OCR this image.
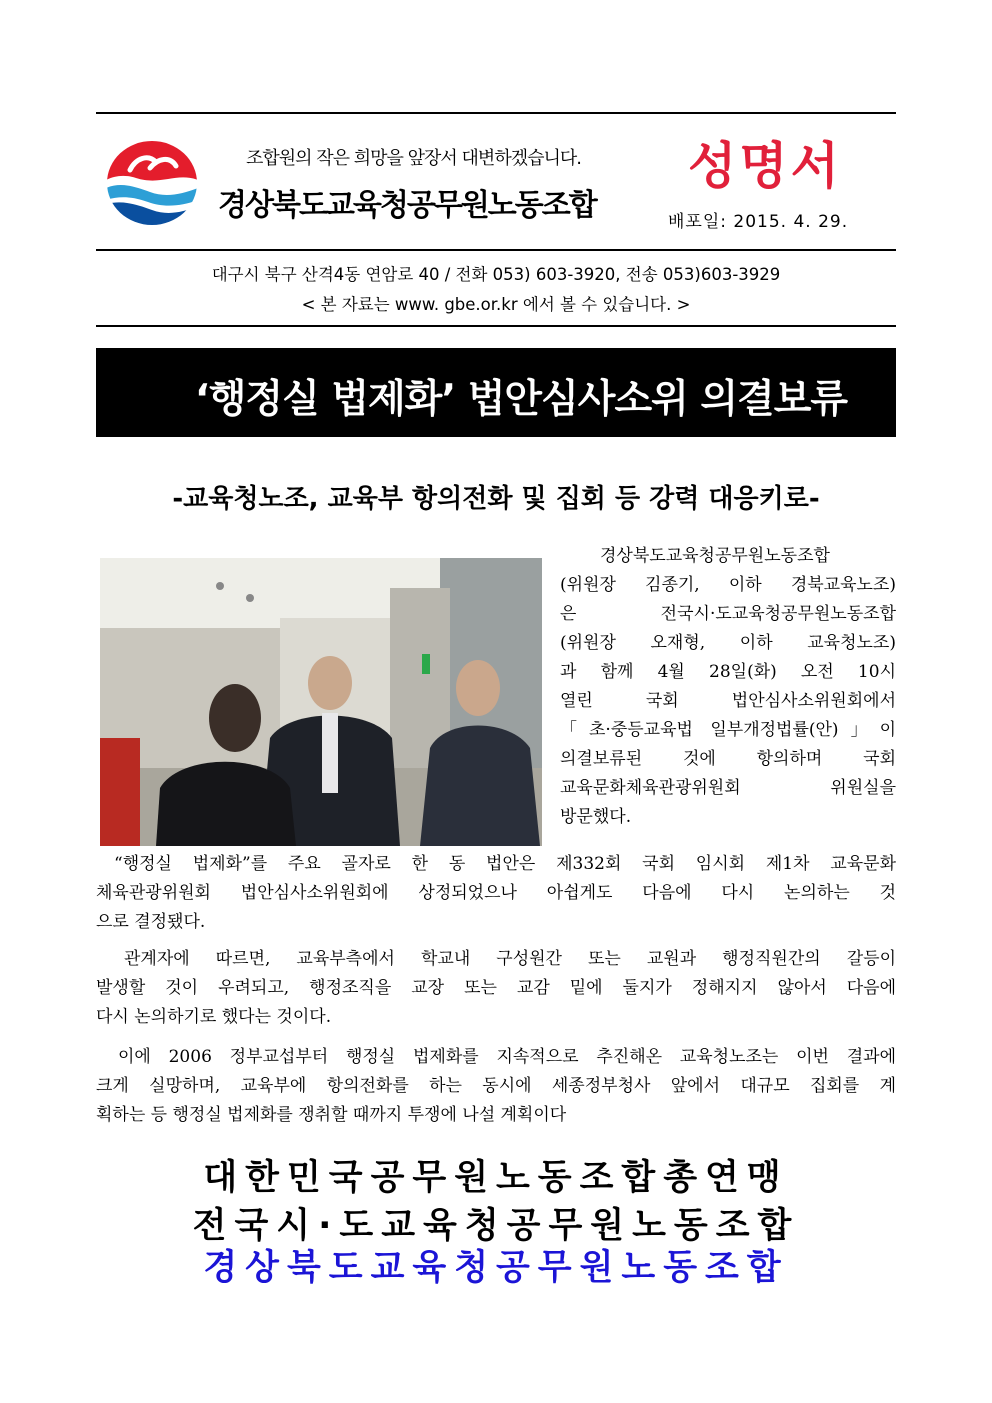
조합원의 작은 희망을 앞장서 대변하겠습니다.
경상북도교육청공무원노동조합
성명서
배포일: 2015. 4. 29.
대구시 북구 산격4동 연암로 40 / 전화 053) 603-3920, 전송 053)603-3929
< 본 자료는 www. gbe.or.kr 에서 볼 수 있습니다. >
‘행정실 법제화’ 법안심사소위 의결보류
-교육청노조, 교육부 항의전화 및 집회 등 강력 대응키로-
경상북도교육청공무원노동조합
(위원장 김종기, 이하 경북교육노조)
은 전국시·도교육청공무원노동조합
(위원장 오재형, 이하 교육청노조)
과 함께 4월 28일(화) 오전 10시
열린 국회 법안심사소위원회에서
「초·중등교육법 일부개정법률(안)」이
의결보류된 것에 항의하며 국회
교육문화체육관광위원회 위원실을
방문했다.
“행정실 법제화”를 주요 골자로 한 동 법안은 제332회 국회 임시회 제1차 교육문화
체육관광위원회 법안심사소위원회에 상정되었으나 아쉽게도 다음에 다시 논의하는 것
으로 결정됐다.
관계자에 따르면, 교육부측에서 학교내 구성원간 또는 교원과 행정직원간의 갈등이
발생할 것이 우려되고, 행정조직을 교장 또는 교감 밑에 둘지가 정해지지 않아서 다음에
다시 논의하기로 했다는 것이다.
이에 2006 정부교섭부터 행정실 법제화를 지속적으로 추진해온 교육청노조는 이번 결과에
크게 실망하며, 교육부에 항의전화를 하는 동시에 세종정부청사 앞에서 대규모 집회를 계
획하는 등 행정실 법제화를 쟁취할 때까지 투쟁에 나설 계획이다
대한민국공무원노동조합총연맹
전국시·도교육청공무원노동조합
경상북도교육청공무원노동조합
